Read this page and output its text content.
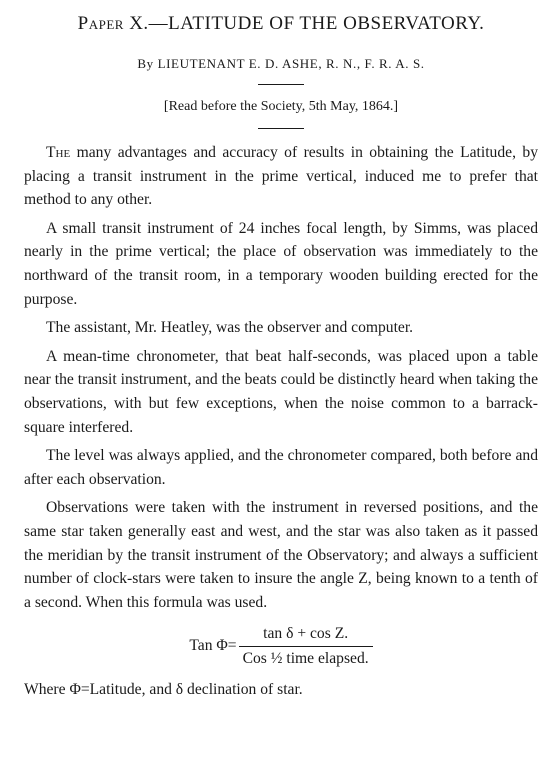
Paper X.—LATITUDE OF THE OBSERVATORY.
By LIEUTENANT E. D. ASHE, R. N., F. R. A. S.
[Read before the Society, 5th May, 1864.]

The many advantages and accuracy of results in obtaining the Latitude, by placing a transit instrument in the prime vertical, induced me to prefer that method to any other.

A small transit instrument of 24 inches focal length, by Simms, was placed nearly in the prime vertical; the place of observation was immediately to the northward of the transit room, in a temporary wooden building erected for the purpose.

The assistant, Mr. Heatley, was the observer and computer.

A mean-time chronometer, that beat half-seconds, was placed upon a table near the transit instrument, and the beats could be distinctly heard when taking the observations, with but few exceptions, when the noise common to a barrack-square interfered.

The level was always applied, and the chronometer compared, both before and after each observation.

Observations were taken with the instrument in reversed positions, and the same star taken generally east and west, and the star was also taken as it passed the meridian by the transit instrument of the Observatory; and always a sufficient number of clock-stars were taken to insure the angle Z, being known to a tenth of a second. When this formula was used.

Tan $\Phi= \frac{\text{tan δ + cos Z.}}{\text{Cos ½ time elapsed.}}$
Where Φ=Latitude, and δ declination of star.
